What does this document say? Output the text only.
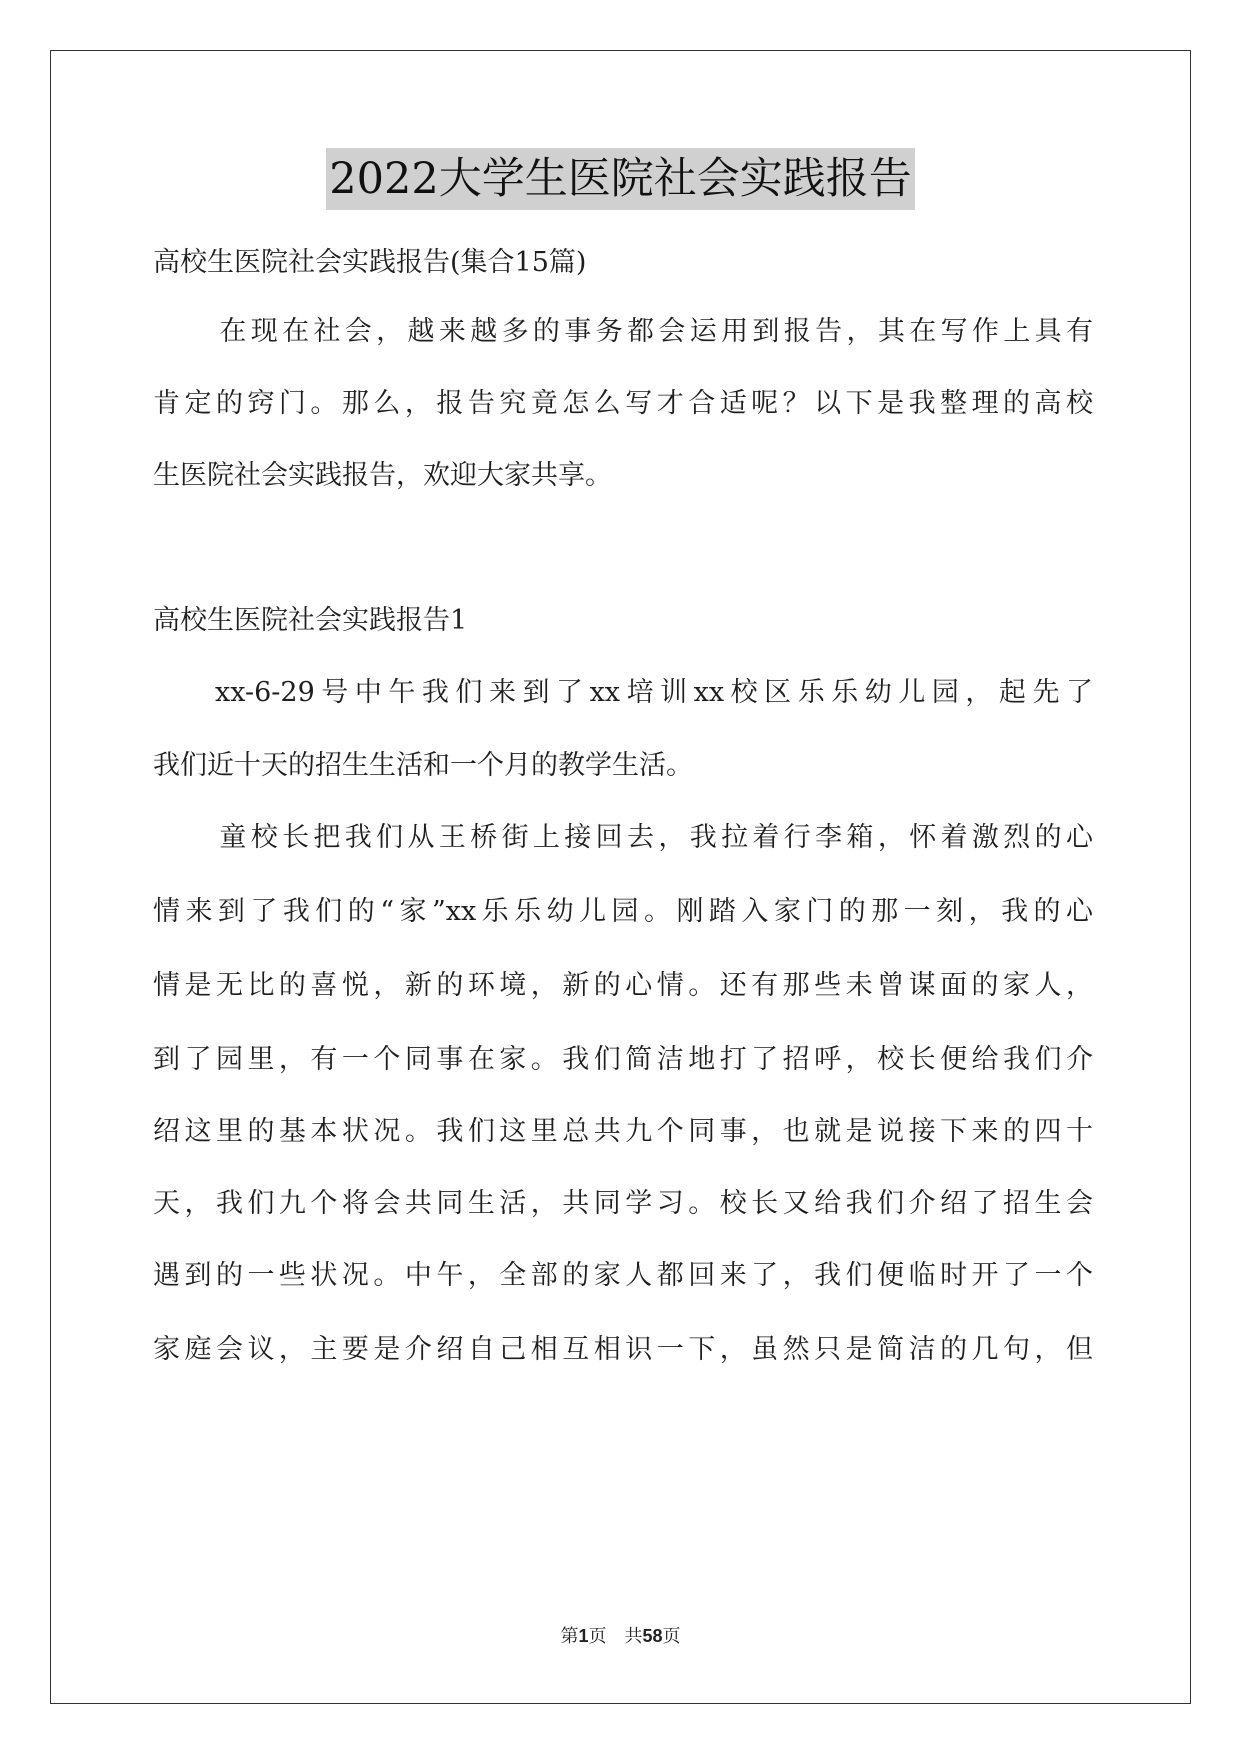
2022大学生医院社会实践报告
高校生医院社会实践报告(集合15篇)
在现在社会，越来越多的事务都会运用到报告，其在写作上具有
肯定的窍门。那么，报告究竟怎么写才合适呢？以下是我整理的高校
生医院社会实践报告，欢迎大家共享。
高校生医院社会实践报告1
xx-6-29号中午我们来到了xx培训xx校区乐乐幼儿园，起先了
我们近十天的招生生活和一个月的教学生活。
童校长把我们从王桥街上接回去，我拉着行李箱，怀着激烈的心
情来到了我们的“家”xx乐乐幼儿园。刚踏入家门的那一刻，我的心
情是无比的喜悦，新的环境，新的心情。还有那些未曾谋面的家人，
到了园里，有一个同事在家。我们简洁地打了招呼，校长便给我们介
绍这里的基本状况。我们这里总共九个同事，也就是说接下来的四十
天，我们九个将会共同生活，共同学习。校长又给我们介绍了招生会
遇到的一些状况。中午，全部的家人都回来了，我们便临时开了一个
家庭会议，主要是介绍自己相互相识一下，虽然只是简洁的几句，但
第1页　共58页
